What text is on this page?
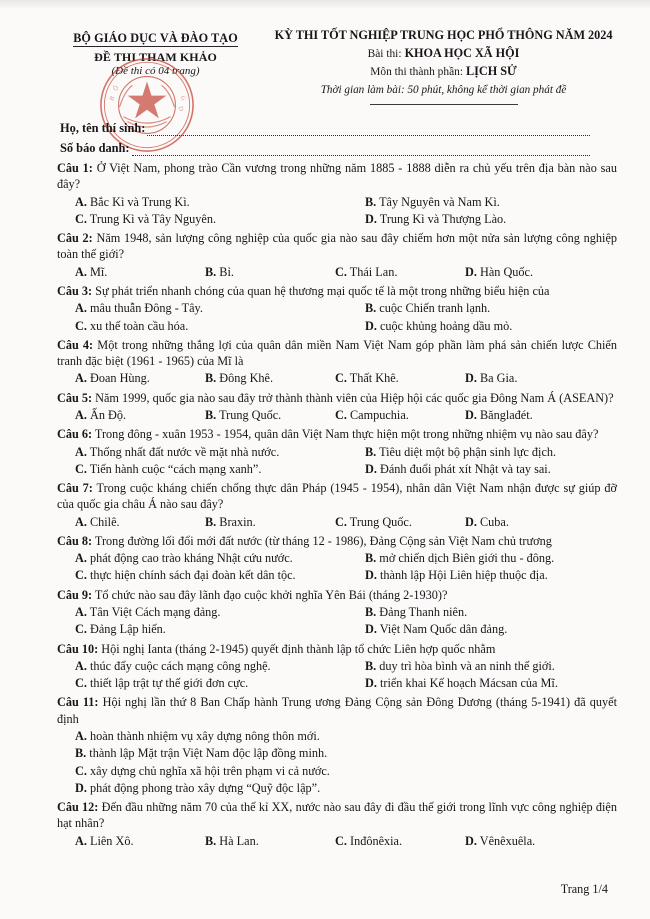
BỘ GIÁO DỤC VÀ ĐÀO TẠO
ĐỀ THI THAM KHẢO
(Đề thi có 04 trang)
KỲ THI TỐT NGHIỆP TRUNG HỌC PHỔ THÔNG NĂM 2024
Bài thi: KHOA HỌC XÃ HỘI
Môn thi thành phần: LỊCH SỬ
Thời gian làm bài: 50 phút, không kể thời gian phát đề
B
Ộ
G
D
Họ, tên thí sinh:
Số báo danh:
Câu 1: Ở Việt Nam, phong trào Cần vương trong những năm 1885 - 1888 diễn ra chủ yếu trên địa bàn nào sau đây?
A. Bắc Kì và Trung Kì.	B. Tây Nguyên và Nam Kì.
C. Trung Kì và Tây Nguyên.	D. Trung Kì và Thượng Lào.
Câu 2: Năm 1948, sản lượng công nghiệp của quốc gia nào sau đây chiếm hơn một nửa sản lượng công nghiệp toàn thế giới?
A. Mĩ.	B. Bỉ.	C. Thái Lan.	D. Hàn Quốc.
Câu 3: Sự phát triển nhanh chóng của quan hệ thương mại quốc tế là một trong những biểu hiện của
A. mâu thuẫn Đông - Tây.	B. cuộc Chiến tranh lạnh.
C. xu thế toàn cầu hóa.	D. cuộc khủng hoảng dầu mỏ.
Câu 4: Một trong những thắng lợi của quân dân miền Nam Việt Nam góp phần làm phá sản chiến lược Chiến tranh đặc biệt (1961 - 1965) của Mĩ là
A. Đoan Hùng.	B. Đông Khê.	C. Thất Khê.	D. Ba Gia.
Câu 5: Năm 1999, quốc gia nào sau đây trở thành thành viên của Hiệp hội các quốc gia Đông Nam Á (ASEAN)?
A. Ấn Độ.	B. Trung Quốc.	C. Campuchia.	D. Bănglađét.
Câu 6: Trong đông - xuân 1953 - 1954, quân dân Việt Nam thực hiện một trong những nhiệm vụ nào sau đây?
A. Thống nhất đất nước về mặt nhà nước.	B. Tiêu diệt một bộ phận sinh lực địch.
C. Tiến hành cuộc “cách mạng xanh”.	D. Đánh đuổi phát xít Nhật và tay sai.
Câu 7: Trong cuộc kháng chiến chống thực dân Pháp (1945 - 1954), nhân dân Việt Nam nhận được sự giúp đỡ của quốc gia châu Á nào sau đây?
A. Chilê.	B. Braxin.	C. Trung Quốc.	D. Cuba.
Câu 8: Trong đường lối đổi mới đất nước (từ tháng 12 - 1986), Đảng Cộng sản Việt Nam chủ trương
A. phát động cao trào kháng Nhật cứu nước.	B. mở chiến dịch Biên giới thu - đông.
C. thực hiện chính sách đại đoàn kết dân tộc.	D. thành lập Hội Liên hiệp thuộc địa.
Câu 9: Tổ chức nào sau đây lãnh đạo cuộc khởi nghĩa Yên Bái (tháng 2-1930)?
A. Tân Việt Cách mạng đảng.	B. Đảng Thanh niên.
C. Đảng Lập hiến.	D. Việt Nam Quốc dân đảng.
Câu 10: Hội nghị Ianta (tháng 2-1945) quyết định thành lập tổ chức Liên hợp quốc nhằm
A. thúc đẩy cuộc cách mạng công nghệ.	B. duy trì hòa bình và an ninh thế giới.
C. thiết lập trật tự thế giới đơn cực.	D. triển khai Kế hoạch Mácsan của Mĩ.
Câu 11: Hội nghị lần thứ 8 Ban Chấp hành Trung ương Đảng Cộng sản Đông Dương (tháng 5-1941) đã quyết định
A. hoàn thành nhiệm vụ xây dựng nông thôn mới.
B. thành lập Mặt trận Việt Nam độc lập đồng minh.
C. xây dựng chủ nghĩa xã hội trên phạm vi cả nước.
D. phát động phong trào xây dựng “Quỹ độc lập”.
Câu 12: Đến đầu những năm 70 của thế kỉ XX, nước nào sau đây đi đầu thế giới trong lĩnh vực công nghiệp điện hạt nhân?
A. Liên Xô.	B. Hà Lan.	C. Inđônêxia.	D. Vênêxuêla.
Trang 1/4
